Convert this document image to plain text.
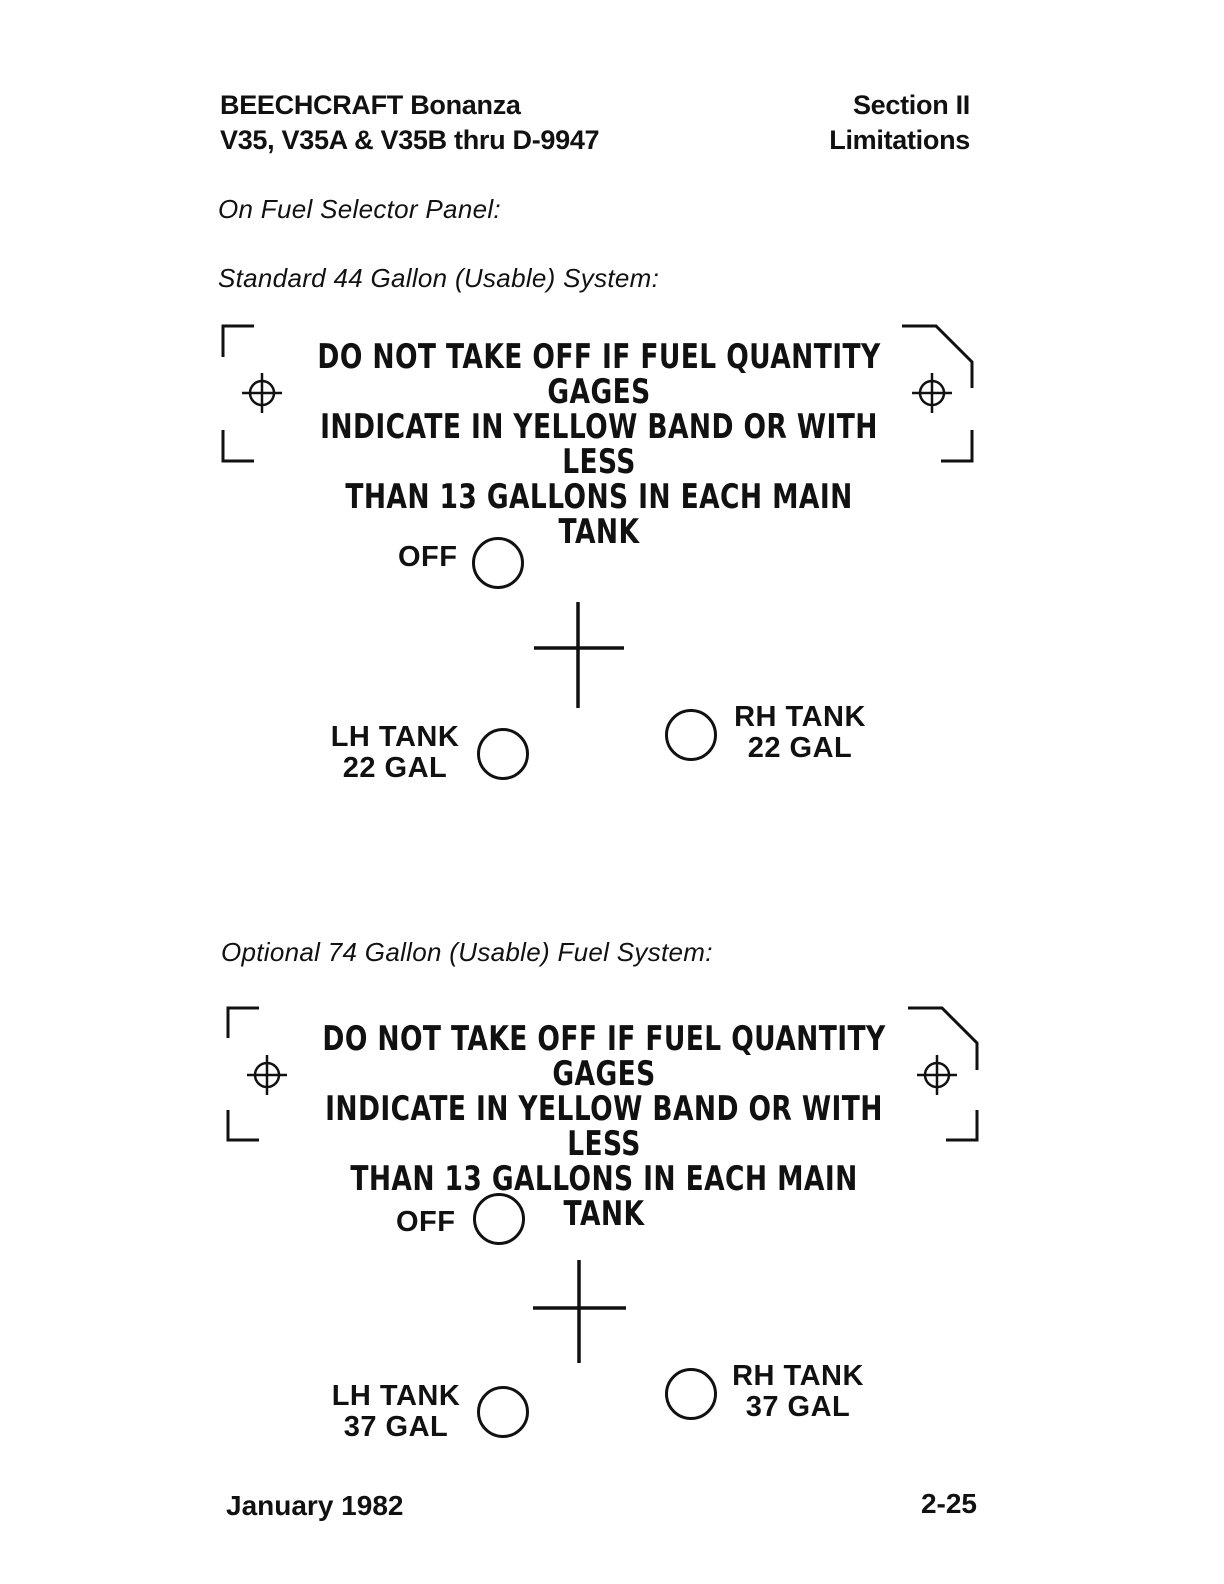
BEECHCRAFT Bonanza
V35, V35A & V35B thru D-9947
Section II
Limitations
On Fuel Selector Panel:
Standard 44 Gallon (Usable) System:
DO NOT TAKE OFF IF FUEL QUANTITY GAGES
INDICATE IN YELLOW BAND OR WITH LESS
THAN 13 GALLONS IN EACH MAIN TANK
OFF
LH TANK
22 GAL
RH TANK
22 GAL
Optional 74 Gallon (Usable) Fuel System:
DO NOT TAKE OFF IF FUEL QUANTITY GAGES
INDICATE IN YELLOW BAND OR WITH LESS
THAN 13 GALLONS IN EACH MAIN TANK
OFF
LH TANK
37 GAL
RH TANK
37 GAL
January 1982	2-25
